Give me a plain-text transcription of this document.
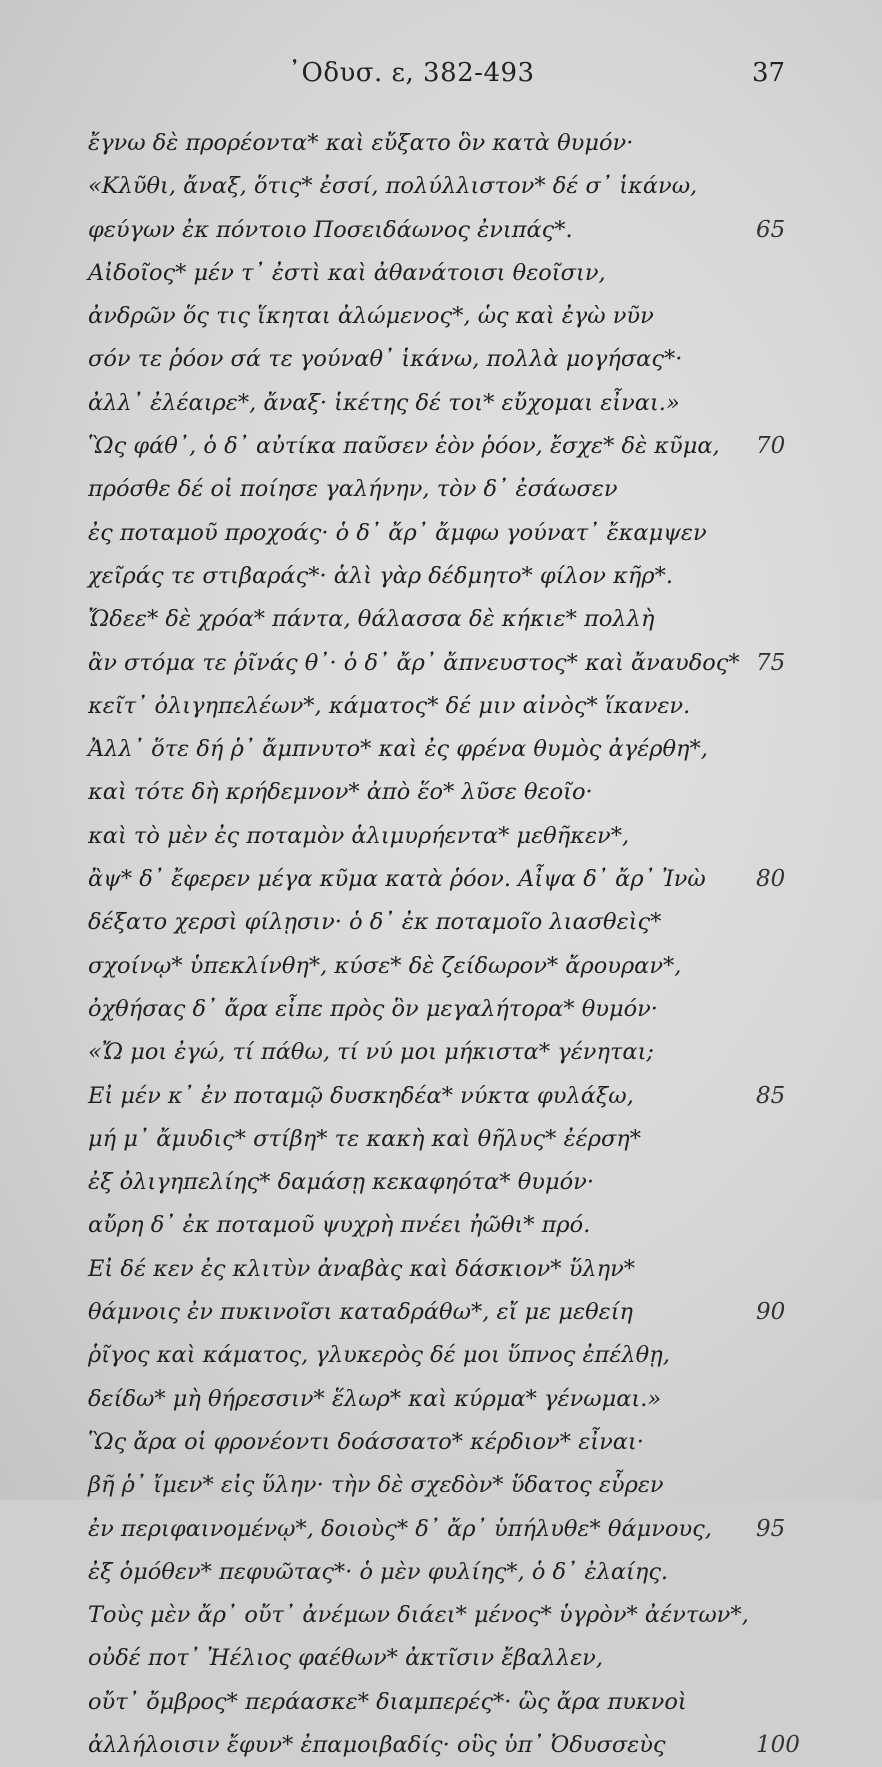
᾿Οδυσ. ε, 382-493	37
ἔγνω δὲ προρέοντα* καὶ εὔξατο ὃν κατὰ θυμόν·
«Κλῦθι, ἄναξ, ὅτις* ἐσσί, πολύλλιστον* δέ σ᾽ ἱκάνω,
φεύγων ἐκ πόντοιο Ποσειδάωνος ἐνιπάς*.	65
Αἰδοῖος* μέν τ᾽ ἐστὶ καὶ ἀθανάτοισι θεοῖσιν,
ἀνδρῶν ὅς τις ἵκηται ἀλώμενος*, ὡς καὶ ἐγὼ νῦν
σόν τε ῥόον σά τε γούναθ᾽ ἱκάνω, πολλὰ μογήσας*·
ἀλλ᾽ ἐλέαιρε*, ἄναξ· ἱκέτης δέ τοι* εὔχομαι εἶναι.»
Ὣς φάθ᾽, ὁ δ᾽ αὐτίκα παῦσεν ἑὸν ῥόον, ἔσχε* δὲ κῦμα, 70
πρόσθε δέ οἱ ποίησε γαλήνην, τὸν δ᾽ ἐσάωσεν
ἐς ποταμοῦ προχοάς· ὁ δ᾽ ἄρ᾽ ἄμφω γούνατ᾽ ἔκαμψεν
χεῖράς τε στιβαράς*· ἁλὶ γὰρ δέδμητο* φίλον κῆρ*.
Ὤδεε* δὲ χρόα* πάντα, θάλασσα δὲ κήκιε* πολλὴ
ἂν στόμα τε ῥῖνάς θ᾽· ὁ δ᾽ ἄρ᾽ ἄπνευστος* καὶ ἄναυδος* 75
κεῖτ᾽ ὀλιγηπελέων*, κάματος* δέ μιν αἰνὸς* ἵκανεν.
Ἀλλ᾽ ὅτε δή ῥ᾽ ἄμπνυτο* καὶ ἐς φρένα θυμὸς ἀγέρθη*,
καὶ τότε δὴ κρήδεμνον* ἀπὸ ἕο* λῦσε θεοῖο·
καὶ τὸ μὲν ἐς ποταμὸν ἁλιμυρήεντα* μεθῆκεν*,
ἂψ* δ᾽ ἔφερεν μέγα κῦμα κατὰ ῥόον. Αἶψα δ᾽ ἄρ᾽ Ἰνὼ 80
δέξατο χερσὶ φίλῃσιν· ὁ δ᾽ ἐκ ποταμοῖο λιασθεὶς*
σχοίνῳ* ὑπεκλίνθη*, κύσε* δὲ ζείδωρον* ἄρουραν*,
ὀχθήσας δ᾽ ἄρα εἶπε πρὸς ὃν μεγαλήτορα* θυμόν·
«Ὤ μοι ἐγώ, τί πάθω, τί νύ μοι μήκιστα* γένηται;
Εἰ μέν κ᾽ ἐν ποταμῷ δυσκηδέα* νύκτα φυλάξω,	85
μή μ᾽ ἄμυδις* στίβη* τε κακὴ καὶ θῆλυς* ἐέρση*
ἐξ ὀλιγηπελίης* δαμάσῃ κεκαφηότα* θυμόν·
αὔρη δ᾽ ἐκ ποταμοῦ ψυχρὴ πνέει ἠῶθι* πρό.
Εἰ δέ κεν ἐς κλιτὺν ἀναβὰς καὶ δάσκιον* ὕλην*
θάμνοις ἐν πυκινοῖσι καταδράθω*, εἴ με μεθείη	90
ῥῖγος καὶ κάματος, γλυκερὸς δέ μοι ὕπνος ἐπέλθῃ,
δείδω* μὴ θήρεσσιν* ἕλωρ* καὶ κύρμα* γένωμαι.»
Ὣς ἄρα οἱ φρονέοντι δοάσσατο* κέρδιον* εἶναι·
βῆ ῥ᾽ ἴμεν* εἰς ὕλην· τὴν δὲ σχεδὸν* ὕδατος εὗρεν
ἐν περιφαινομένῳ*, δοιοὺς* δ᾽ ἄρ᾽ ὑπήλυθε* θάμνους, 95
ἐξ ὁμόθεν* πεφυῶτας*· ὁ μὲν φυλίης*, ὁ δ᾽ ἐλαίης.
Τοὺς μὲν ἄρ᾽ οὔτ᾽ ἀνέμων διάει* μένος* ὑγρὸν* ἀέντων*,
οὐδέ ποτ᾽ Ἠέλιος φαέθων* ἀκτῖσιν ἔβαλλεν,
οὔτ᾽ ὄμβρος* περάασκε* διαμπερές*· ὣς ἄρα πυκνοὶ
ἀλλήλοισιν ἔφυν* ἐπαμοιβαδίς· οὓς ὑπ᾽ Ὀδυσσεὺς	100
